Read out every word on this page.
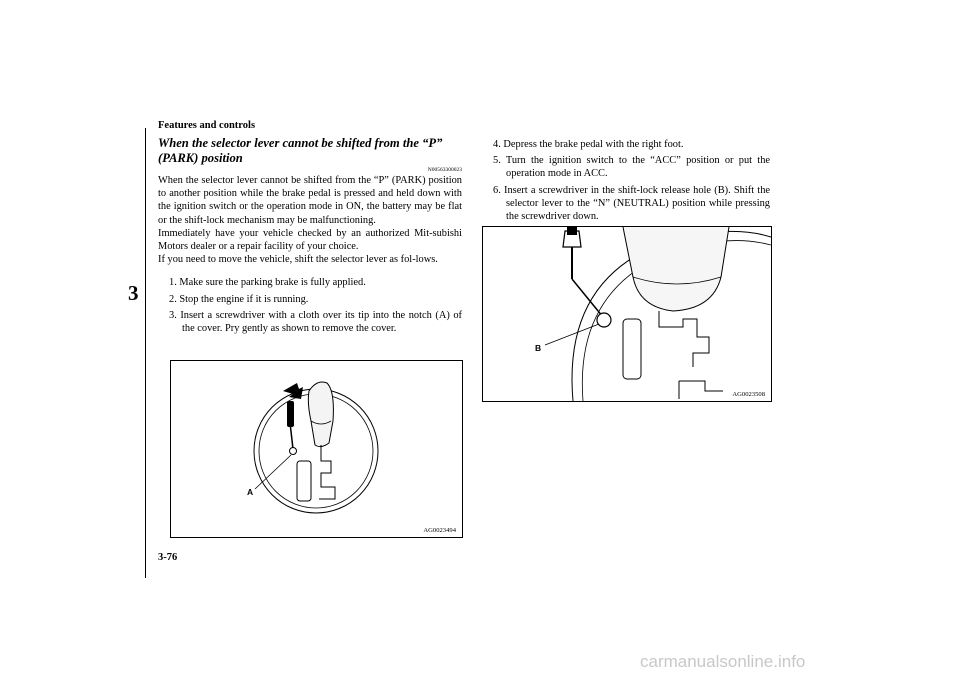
Features and controls
3
When the selector lever cannot be shifted from the “P” (PARK) position
N00563300023

When the selector lever cannot be shifted from the “P” (PARK) position to another position while the brake pedal is pressed and held down with the ignition switch or the operation mode in ON, the battery may be flat or the shift-lock mechanism may be malfunctioning.

Immediately have your vehicle checked by an authorized Mit-subishi Motors dealer or a repair facility of your choice.

If you need to move the vehicle, shift the selector lever as fol-lows.

1. Make sure the parking brake is fully applied.
2. Stop the engine if it is running.
3. Insert a screwdriver with a cloth over its tip into the notch (A) of the cover. Pry gently as shown to remove the cover.
A
AG0023494
4. Depress the brake pedal with the right foot.
5. Turn the ignition switch to the “ACC” position or put the operation mode in ACC.
6. Insert a screwdriver in the shift-lock release hole (B). Shift the selector lever to the “N” (NEUTRAL) position while pressing the screwdriver down.
B
AG0023508
3-76
carmanualsonline.info
